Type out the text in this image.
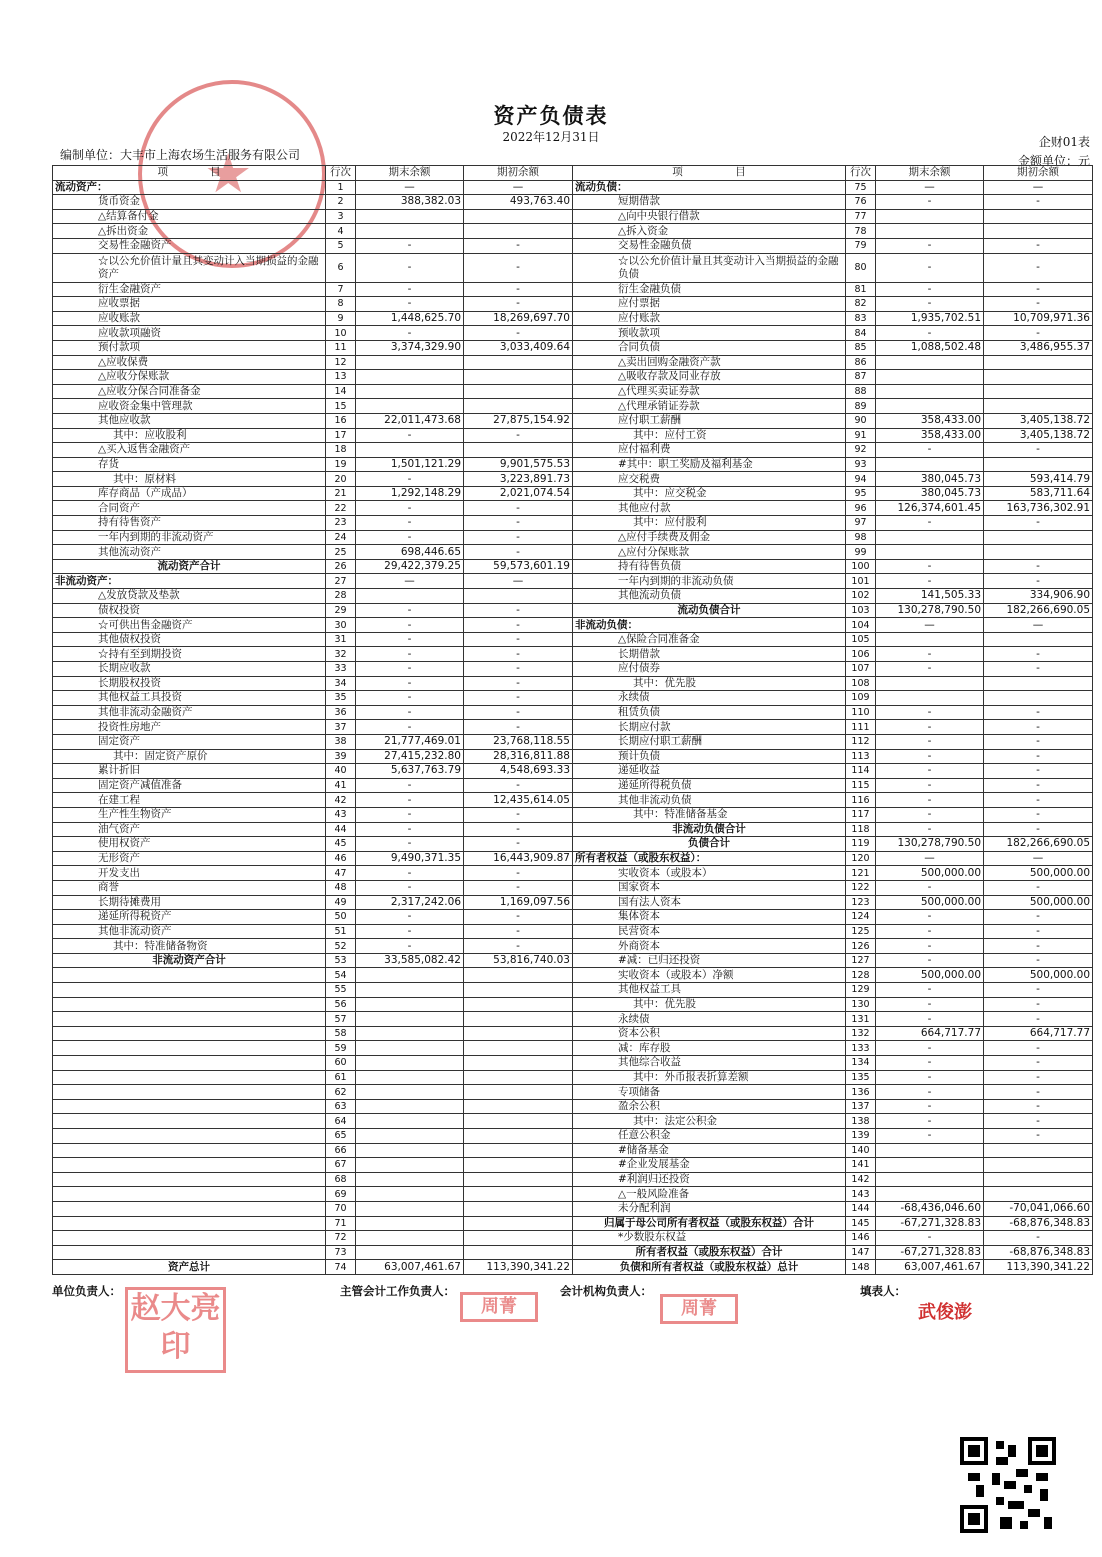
★
资产负债表
2022年12月31日	企财01表
编制单位：大丰市上海农场生活服务有限公司	金额单位：元
项　　　　目	行次	期末余额	期初余额	项　　　　　目	行次	期末余额	期初余额
流动资产：	1	—	—	流动负债：	75	—	—
货币资金	2	388,382.03	493,763.40	短期借款	76	-	-
△结算备付金	3			△向中央银行借款	77		
△拆出资金	4			△拆入资金	78		
交易性金融资产	5	-	-	交易性金融负债	79	-	-
☆以公允价值计量且其变动计入当期损益的金融资产	6	-	-	☆以公允价值计量且其变动计入当期损益的金融负债	80	-	-
衍生金融资产	7	-	-	衍生金融负债	81	-	-
应收票据	8	-	-	应付票据	82	-	-
应收账款	9	1,448,625.70	18,269,697.70	应付账款	83	1,935,702.51	10,709,971.36
应收款项融资	10	-	-	预收款项	84	-	-
预付款项	11	3,374,329.90	3,033,409.64	合同负债	85	1,088,502.48	3,486,955.37
△应收保费	12			△卖出回购金融资产款	86		
△应收分保账款	13			△吸收存款及同业存放	87		
△应收分保合同准备金	14			△代理买卖证券款	88		
应收资金集中管理款	15			△代理承销证券款	89		
其他应收款	16	22,011,473.68	27,875,154.92	应付职工薪酬	90	358,433.00	3,405,138.72
其中：应收股利	17	-	-	其中：应付工资	91	358,433.00	3,405,138.72
△买入返售金融资产	18			应付福利费	92	-	-
存货	19	1,501,121.29	9,901,575.53	#其中：职工奖励及福利基金	93		
其中：原材料	20	-	3,223,891.73	应交税费	94	380,045.73	593,414.79
库存商品（产成品）	21	1,292,148.29	2,021,074.54	其中：应交税金	95	380,045.73	583,711.64
合同资产	22	-	-	其他应付款	96	126,374,601.45	163,736,302.91
持有待售资产	23	-	-	其中：应付股利	97	-	-
一年内到期的非流动资产	24	-	-	△应付手续费及佣金	98		
其他流动资产	25	698,446.65	-	△应付分保账款	99		
流动资产合计	26	29,422,379.25	59,573,601.19	持有待售负债	100	-	-
非流动资产：	27	—	—	一年内到期的非流动负债	101	-	-
△发放贷款及垫款	28			其他流动负债	102	141,505.33	334,906.90
债权投资	29	-	-	流动负债合计	103	130,278,790.50	182,266,690.05
☆可供出售金融资产	30	-	-	非流动负债：	104	—	—
其他债权投资	31	-	-	△保险合同准备金	105		
☆持有至到期投资	32	-	-	长期借款	106	-	-
长期应收款	33	-	-	应付债券	107	-	-
长期股权投资	34	-	-	其中：优先股	108		
其他权益工具投资	35	-	-	永续债	109		
其他非流动金融资产	36	-	-	租赁负债	110	-	-
投资性房地产	37	-	-	长期应付款	111	-	-
固定资产	38	21,777,469.01	23,768,118.55	长期应付职工薪酬	112	-	-
其中：固定资产原价	39	27,415,232.80	28,316,811.88	预计负债	113	-	-
累计折旧	40	5,637,763.79	4,548,693.33	递延收益	114	-	-
固定资产减值准备	41	-	-	递延所得税负债	115	-	-
在建工程	42	-	12,435,614.05	其他非流动负债	116	-	-
生产性生物资产	43	-	-	其中：特准储备基金	117	-	-
油气资产	44	-	-	非流动负债合计	118	-	-
使用权资产	45	-	-	负债合计	119	130,278,790.50	182,266,690.05
无形资产	46	9,490,371.35	16,443,909.87	所有者权益（或股东权益）：	120	—	—
开发支出	47	-	-	实收资本（或股本）	121	500,000.00	500,000.00
商誉	48	-	-	国家资本	122	-	-
长期待摊费用	49	2,317,242.06	1,169,097.56	国有法人资本	123	500,000.00	500,000.00
递延所得税资产	50	-	-	集体资本	124	-	-
其他非流动资产	51	-	-	民营资本	125	-	-
其中：特准储备物资	52	-	-	外商资本	126	-	-
非流动资产合计	53	33,585,082.42	53,816,740.03	#减：已归还投资	127	-	-
	54			实收资本（或股本）净额	128	500,000.00	500,000.00
	55			其他权益工具	129	-	-
	56			其中：优先股	130	-	-
	57			永续债	131	-	-
	58			资本公积	132	664,717.77	664,717.77
	59			减：库存股	133	-	-
	60			其他综合收益	134	-	-
	61			其中：外币报表折算差额	135	-	-
	62			专项储备	136	-	-
	63			盈余公积	137	-	-
	64			其中：法定公积金	138	-	-
	65			任意公积金	139	-	-
	66			#储备基金	140		
	67			#企业发展基金	141		
	68			#利润归还投资	142		
	69			△一般风险准备	143		
	70			未分配利润	144	-68,436,046.60	-70,041,066.60
	71			归属于母公司所有者权益（或股东权益）合计	145	-67,271,328.83	-68,876,348.83
	72			*少数股东权益	146	-	-
	73			所有者权益（或股东权益）合计	147	-67,271,328.83	-68,876,348.83
资产总计	74	63,007,461.67	113,390,341.22	负债和所有者权益（或股东权益）总计	148	63,007,461.67	113,390,341.22
单位负责人：	主管会计工作负责人：	会计机构负责人：	填表人：
赵大亮印
周菁	周菁	武俊澎
